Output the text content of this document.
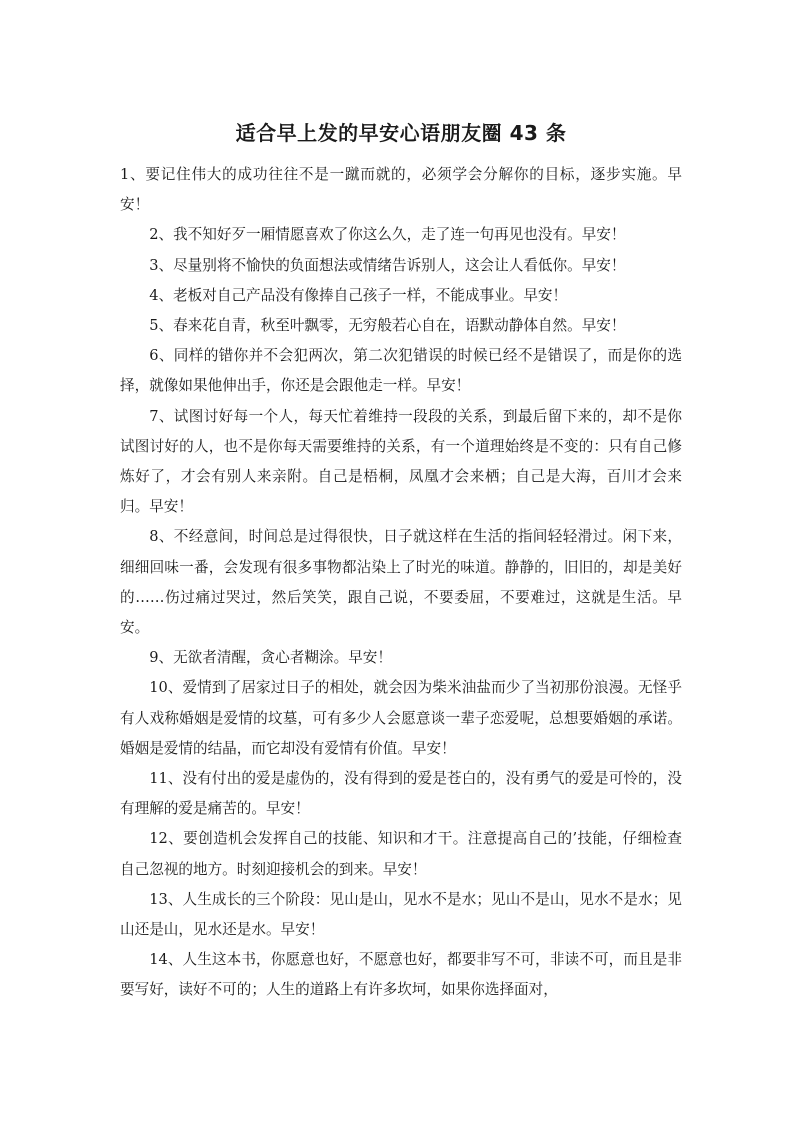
适合早上发的早安心语朋友圈 43 条

1、要记住伟大的成功往往不是一蹴而就的，必须学会分解你的目标，逐步实施。早安！

2、我不知好歹一厢情愿喜欢了你这么久，走了连一句再见也没有。早安！

3、尽量别将不愉快的负面想法或情绪告诉别人，这会让人看低你。早安！

4、老板对自己产品没有像捧自己孩子一样，不能成事业。早安！

5、春来花自青，秋至叶飘零，无穷般若心自在，语默动静体自然。早安！

6、同样的错你并不会犯两次，第二次犯错误的时候已经不是错误了，而是你的选择，就像如果他伸出手，你还是会跟他走一样。早安！

7、试图讨好每一个人，每天忙着维持一段段的关系，到最后留下来的，却不是你试图讨好的人，也不是你每天需要维持的关系，有一个道理始终是不变的：只有自己修炼好了，才会有别人来亲附。自己是梧桐，凤凰才会来栖；自己是大海，百川才会来归。早安！

8、不经意间，时间总是过得很快，日子就这样在生活的指间轻轻滑过。闲下来，细细回味一番，会发现有很多事物都沾染上了时光的味道。静静的，旧旧的，却是美好的……伤过痛过哭过，然后笑笑，跟自己说，不要委屈，不要难过，这就是生活。早安。

9、无欲者清醒，贪心者糊涂。早安！

10、爱情到了居家过日子的相处，就会因为柴米油盐而少了当初那份浪漫。无怪乎有人戏称婚姻是爱情的坟墓，可有多少人会愿意谈一辈子恋爱呢，总想要婚姻的承诺。婚姻是爱情的结晶，而它却没有爱情有价值。早安！

11、没有付出的爱是虚伪的，没有得到的爱是苍白的，没有勇气的爱是可怜的，没有理解的爱是痛苦的。早安！

12、要创造机会发挥自己的技能、知识和才干。注意提高自己的’技能，仔细检查自己忽视的地方。时刻迎接机会的到来。早安！

13、人生成长的三个阶段：见山是山，见水不是水；见山不是山，见水不是水；见山还是山，见水还是水。早安！

14、人生这本书，你愿意也好，不愿意也好，都要非写不可，非读不可，而且是非要写好，读好不可的；人生的道路上有许多坎坷，如果你选择面对，
